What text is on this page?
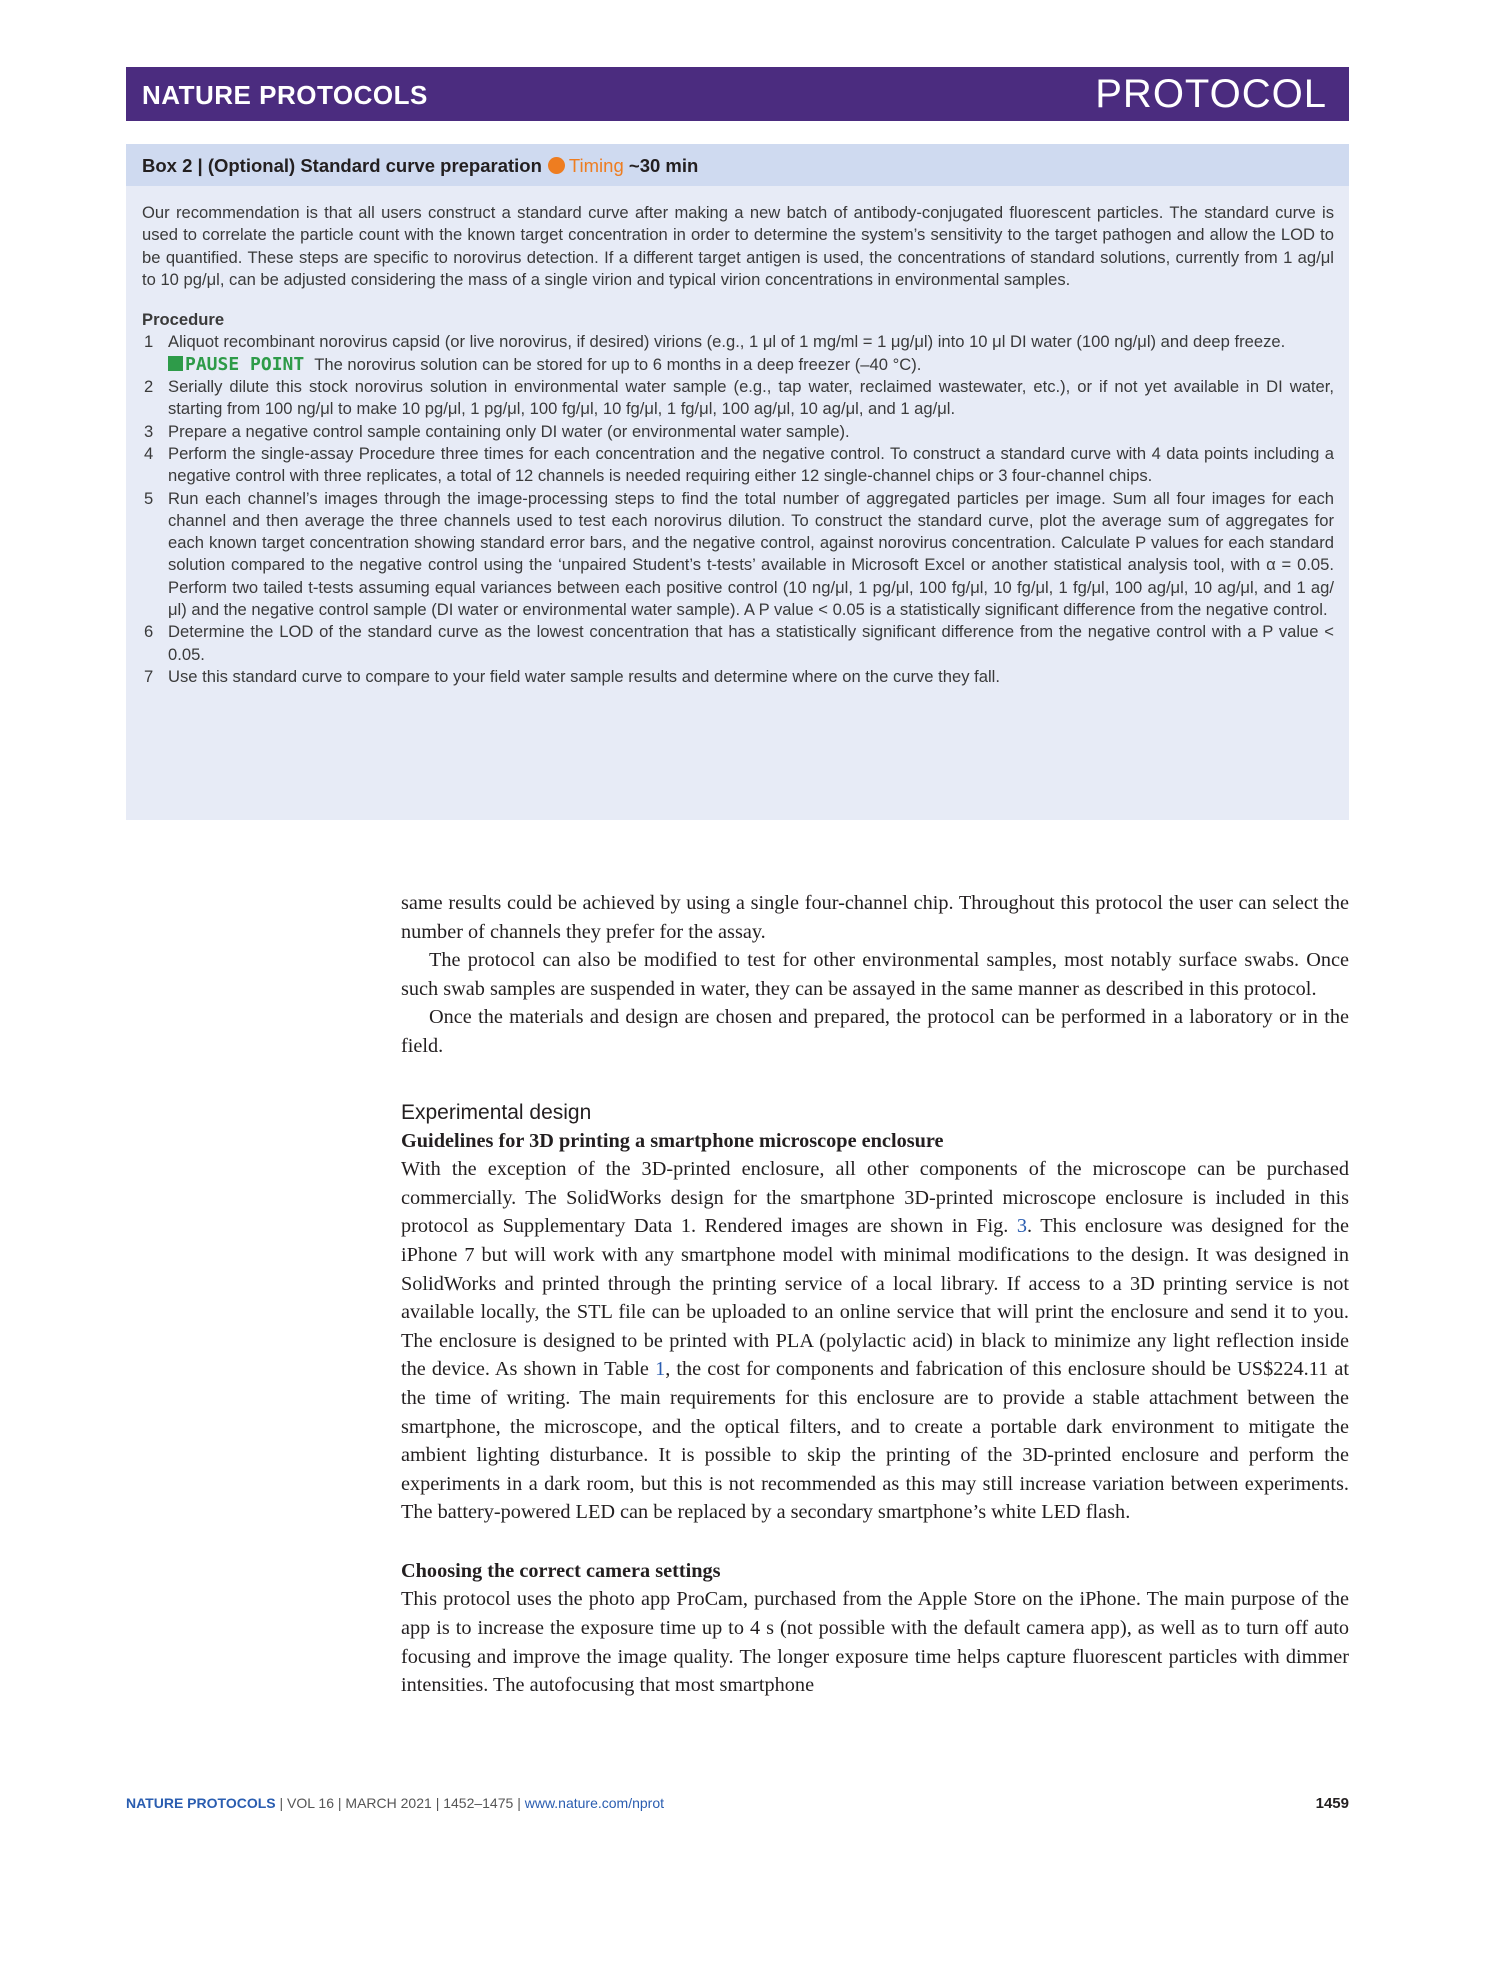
NATURE PROTOCOLS	PROTOCOL
Box 2 | (Optional) Standard curve preparation Timing ~30 min

Our recommendation is that all users construct a standard curve after making a new batch of antibody-conjugated fluorescent particles. The standard curve is used to correlate the particle count with the known target concentration in order to determine the system’s sensitivity to the target pathogen and allow the LOD to be quantified. These steps are specific to norovirus detection. If a different target antigen is used, the concentrations of standard solutions, currently from 1 ag/μl to 10 pg/μl, can be adjusted considering the mass of a single virion and typical virion concentrations in environmental samples.

Procedure

1 Aliquot recombinant norovirus capsid (or live norovirus, if desired) virions (e.g., 1 μl of 1 mg/ml = 1 μg/μl) into 10 μl DI water (100 ng/μl) and deep freeze.

PAUSE POINT The norovirus solution can be stored for up to 6 months in a deep freezer (–40 °C).

2 Serially dilute this stock norovirus solution in environmental water sample (e.g., tap water, reclaimed wastewater, etc.), or if not yet available in DI water, starting from 100 ng/μl to make 10 pg/μl, 1 pg/μl, 100 fg/μl, 10 fg/μl, 1 fg/μl, 100 ag/μl, 10 ag/μl, and 1 ag/μl.
3 Prepare a negative control sample containing only DI water (or environmental water sample).
4 Perform the single-assay Procedure three times for each concentration and the negative control. To construct a standard curve with 4 data points including a negative control with three replicates, a total of 12 channels is needed requiring either 12 single-channel chips or 3 four-channel chips.
5 Run each channel’s images through the image-processing steps to find the total number of aggregated particles per image. Sum all four images for each channel and then average the three channels used to test each norovirus dilution. To construct the standard curve, plot the average sum of aggregates for each known target concentration showing standard error bars, and the negative control, against norovirus concentration. Calculate P values for each standard solution compared to the negative control using the ‘unpaired Student’s t-tests’ available in Microsoft Excel or another statistical analysis tool, with α = 0.05. Perform two tailed t-tests assuming equal variances between each positive control (10 ng/μl, 1 pg/μl, 100 fg/μl, 10 fg/μl, 1 fg/μl, 100 ag/μl, 10 ag/μl, and 1 ag/μl) and the negative control sample (DI water or environmental water sample). A P value < 0.05 is a statistically significant difference from the negative control.
6 Determine the LOD of the standard curve as the lowest concentration that has a statistically significant difference from the negative control with a P value < 0.05.
7 Use this standard curve to compare to your field water sample results and determine where on the curve they fall.

same results could be achieved by using a single four-channel chip. Throughout this protocol the user can select the number of channels they prefer for the assay.

The protocol can also be modified to test for other environmental samples, most notably surface swabs. Once such swab samples are suspended in water, they can be assayed in the same manner as described in this protocol.

Once the materials and design are chosen and prepared, the protocol can be performed in a laboratory or in the field.

Experimental design

Guidelines for 3D printing a smartphone microscope enclosure

With the exception of the 3D-printed enclosure, all other components of the microscope can be purchased commercially. The SolidWorks design for the smartphone 3D-printed microscope enclosure is included in this protocol as Supplementary Data 1. Rendered images are shown in Fig. 3. This enclosure was designed for the iPhone 7 but will work with any smartphone model with minimal modifications to the design. It was designed in SolidWorks and printed through the printing service of a local library. If access to a 3D printing service is not available locally, the STL file can be uploaded to an online service that will print the enclosure and send it to you. The enclosure is designed to be printed with PLA (polylactic acid) in black to minimize any light reflection inside the device. As shown in Table 1, the cost for components and fabrication of this enclosure should be US$224.11 at the time of writing. The main requirements for this enclosure are to provide a stable attachment between the smartphone, the microscope, and the optical filters, and to create a portable dark environment to mitigate the ambient lighting disturbance. It is possible to skip the printing of the 3D-printed enclosure and perform the experiments in a dark room, but this is not recommended as this may still increase variation between experiments. The battery-powered LED can be replaced by a secondary smartphone’s white LED flash.

Choosing the correct camera settings

This protocol uses the photo app ProCam, purchased from the Apple Store on the iPhone. The main purpose of the app is to increase the exposure time up to 4 s (not possible with the default camera app), as well as to turn off auto focusing and improve the image quality. The longer exposure time helps capture fluorescent particles with dimmer intensities. The autofocusing that most smartphone

NATURE PROTOCOLS | VOL 16 | MARCH 2021 | 1452–1475 | www.nature.com/nprot	1459
